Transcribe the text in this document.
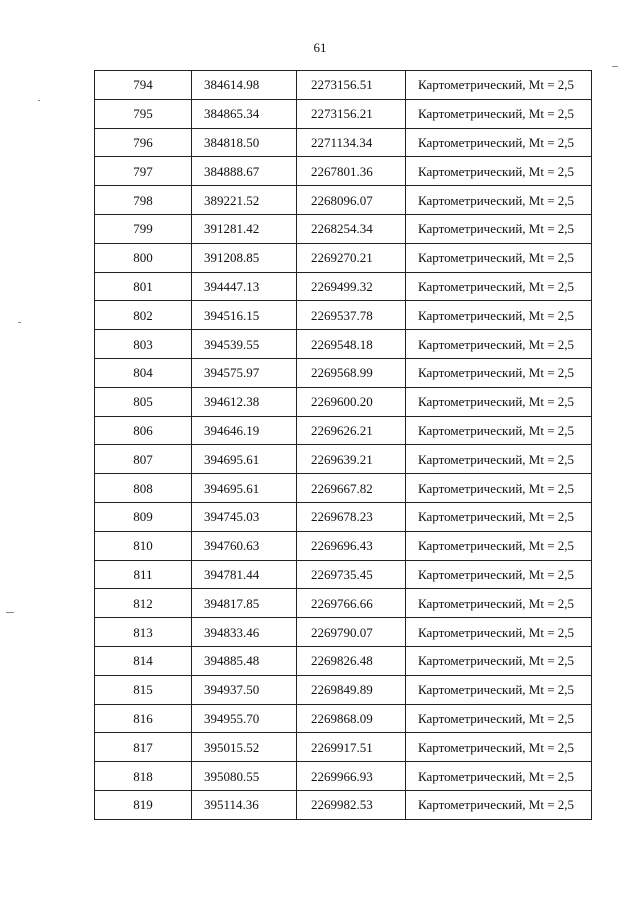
61
794	384614.98	2273156.51	Картометрический, Mt = 2,5
795	384865.34	2273156.21	Картометрический, Mt = 2,5
796	384818.50	2271134.34	Картометрический, Mt = 2,5
797	384888.67	2267801.36	Картометрический, Mt = 2,5
798	389221.52	2268096.07	Картометрический, Mt = 2,5
799	391281.42	2268254.34	Картометрический, Mt = 2,5
800	391208.85	2269270.21	Картометрический, Mt = 2,5
801	394447.13	2269499.32	Картометрический, Mt = 2,5
802	394516.15	2269537.78	Картометрический, Mt = 2,5
803	394539.55	2269548.18	Картометрический, Mt = 2,5
804	394575.97	2269568.99	Картометрический, Mt = 2,5
805	394612.38	2269600.20	Картометрический, Mt = 2,5
806	394646.19	2269626.21	Картометрический, Mt = 2,5
807	394695.61	2269639.21	Картометрический, Mt = 2,5
808	394695.61	2269667.82	Картометрический, Mt = 2,5
809	394745.03	2269678.23	Картометрический, Mt = 2,5
810	394760.63	2269696.43	Картометрический, Mt = 2,5
811	394781.44	2269735.45	Картометрический, Mt = 2,5
812	394817.85	2269766.66	Картометрический, Mt = 2,5
813	394833.46	2269790.07	Картометрический, Mt = 2,5
814	394885.48	2269826.48	Картометрический, Mt = 2,5
815	394937.50	2269849.89	Картометрический, Mt = 2,5
816	394955.70	2269868.09	Картометрический, Mt = 2,5
817	395015.52	2269917.51	Картометрический, Mt = 2,5
818	395080.55	2269966.93	Картометрический, Mt = 2,5
819	395114.36	2269982.53	Картометрический, Mt = 2,5
